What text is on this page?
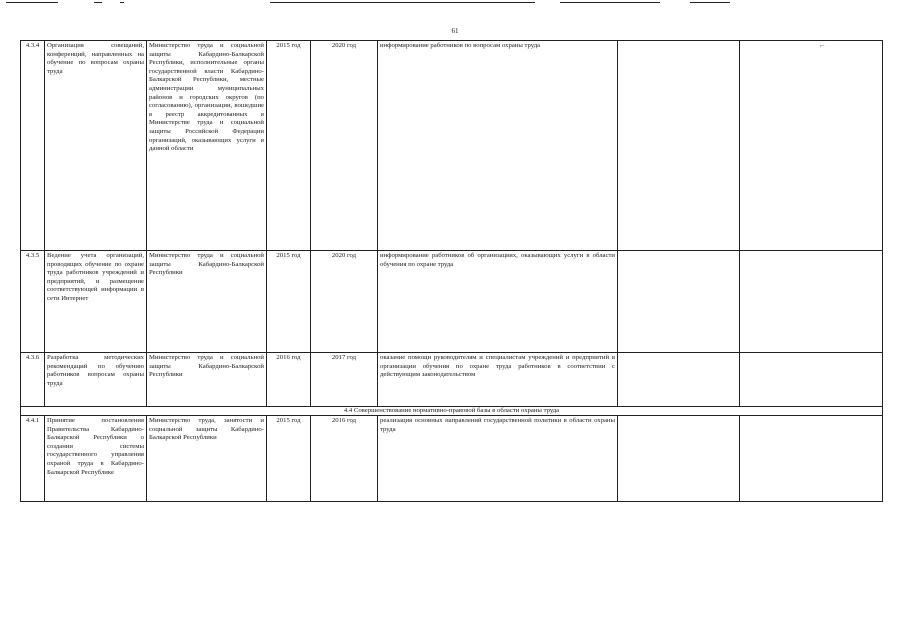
61
⌐
4.3.4	Организация совещаний, конференций, направленных на обучение по вопросам охраны труда	Министерство труда и социальной защиты Кабардино-Балкарской Республики, исполнительные органы государственной власти Кабардино-Балкарской Республики, местные администрации муниципальных районов и городских округов (по согласованию), организации, вошедшие в реестр аккредитованных в Министерстве труда и социальной защиты Российской Федерации организаций, оказывающих услуги в данной области	2015 год	2020 год	информирование работников по вопросам охраны труда		
4.3.5	Ведение учета организаций, проводящих обучение по охране труда работников учреждений и предприятий, и размещение соответствующей информации в сети Интернет	Министерство труда и социальной защиты Кабардино-Балкарской Республики	2015 год	2020 год	информирование работников об организациях, оказывающих услуги в области обучения по охране труда		
4.3.6	Разработка методических рекомендаций по обучению работников вопросам охраны труда	Министерство труда и социальной защиты Кабардино-Балкарской Республики	2016 год	2017 год	оказание помощи руководителям и специалистам учреждений и предприятий в организации обучения по охране труда работников в соответствии с действующим законодательством		
4.4 Совершенствование нормативно-правовой базы в области охраны труда							
4.4.1	Принятие постановления Правительства Кабардино-Балкарской Республики о создании системы государственного управления охраной труда в Кабардино-Балкарской Республике	Министерство труда, занятости и социальной защиты Кабардино-Балкарской Республики	2015 год	2016 год	реализация основных направлений государственной политики в области охраны труда		
